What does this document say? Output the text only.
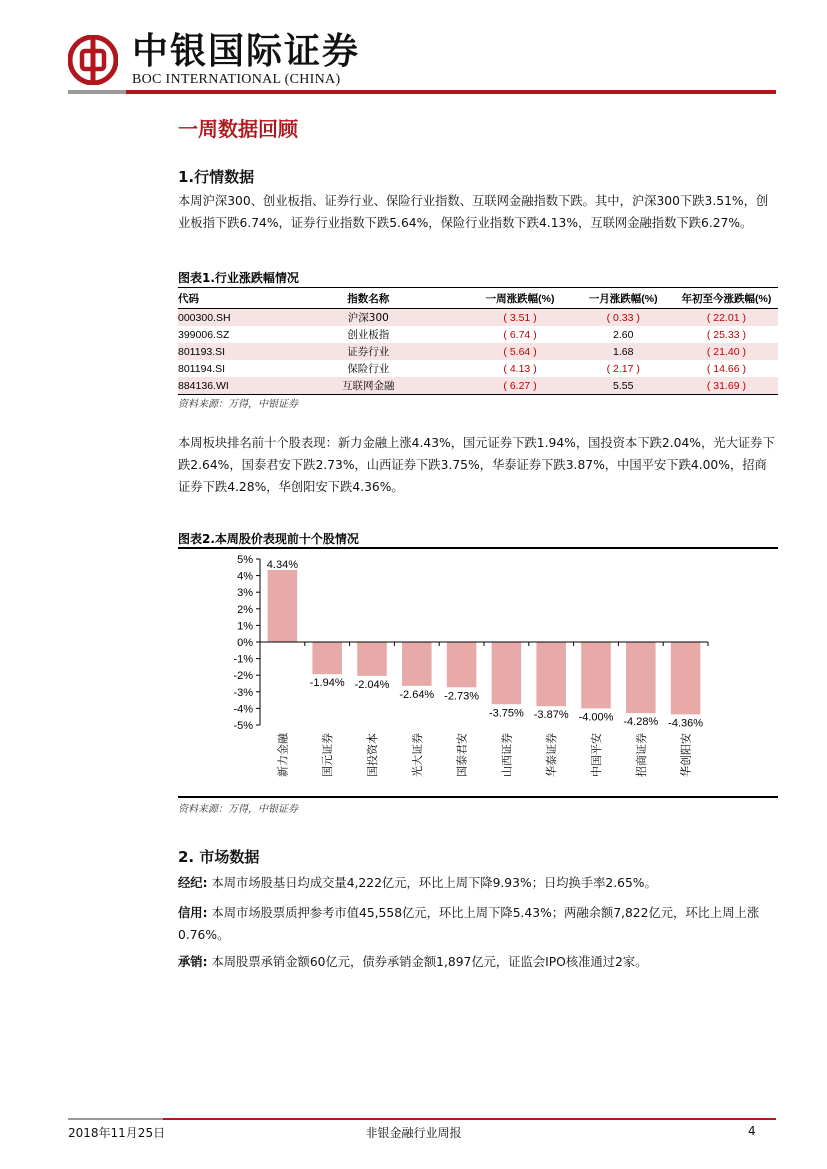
中银国际证券
BOC INTERNATIONAL (CHINA)
一周数据回顾
1.行情数据
本周沪深300、创业板指、证券行业、保险行业指数、互联网金融指数下跌。其中，沪深300下跌3.51%，创业板指下跌6.74%，证券行业指数下跌5.64%，保险行业指数下跌4.13%，互联网金融指数下跌6.27%。
图表1.行业涨跌幅情况
代码	指数名称	一周涨跌幅(%)	一月涨跌幅(%)	年初至今涨跌幅(%)
000300.SH	沪深300	( 3.51 )	( 0.33 )	( 22.01 )
399006.SZ	创业板指	( 6.74 )	2.60	( 25.33 )
801193.SI	证券行业	( 5.64 )	1.68	( 21.40 )
801194.SI	保险行业	( 4.13 )	( 2.17 )	( 14.66 )
884136.WI	互联网金融	( 6.27 )	5.55	( 31.69 )
资料来源：万得，中银证券
本周板块排名前十个股表现：新力金融上涨4.43%，国元证券下跌1.94%，国投资本下跌2.04%，光大证券下跌2.64%，国泰君安下跌2.73%，山西证券下跌3.75%，华泰证券下跌3.87%，中国平安下跌4.00%，招商证券下跌4.28%，华创阳安下跌4.36%。
图表2.本周股价表现前十个股情况
5%
4%
3%
2%
1%
0%
-1%
-2%
-3%
-4%
-5%
4.34%
新力金融
-1.94%
国元证券
-2.04%
国投资本
-2.64%
光大证券
-2.73%
国泰君安
-3.75%
山西证券
-3.87%
华泰证券
-4.00%
中国平安
-4.28%
招商证券
-4.36%
华创阳安
资料来源：万得，中银证券
2. 市场数据
经纪: 本周市场股基日均成交量4,222亿元，环比上周下降9.93%；日均换手率2.65%。
信用: 本周市场股票质押参考市值45,558亿元，环比上周下降5.43%；两融余额7,822亿元，环比上周上涨0.76%。
承销: 本周股票承销金额60亿元，债券承销金额1,897亿元，证监会IPO核准通过2家。
2018年11月25日	非银金融行业周报	4
